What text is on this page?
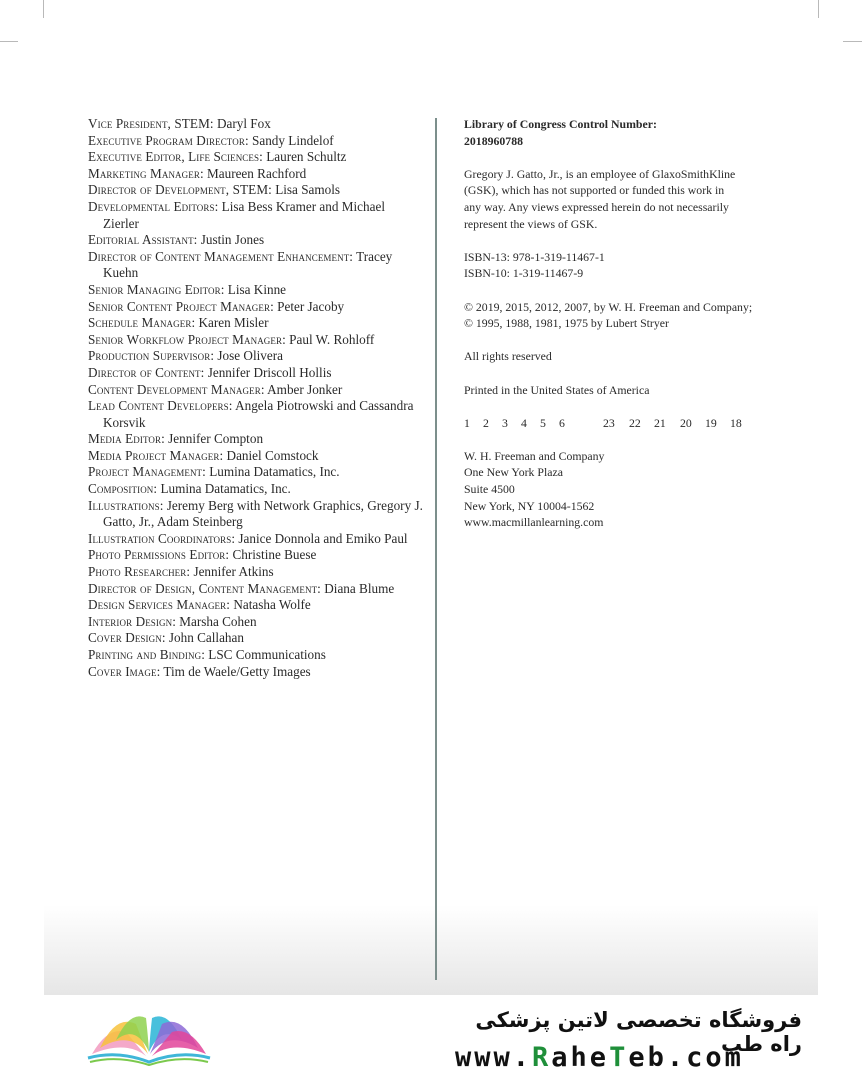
Vice President, STEM: Daryl Fox
Executive Program Director: Sandy Lindelof
Executive Editor, Life Sciences: Lauren Schultz
Marketing Manager: Maureen Rachford
Director of Development, STEM: Lisa Samols
Developmental Editors: Lisa Bess Kramer and Michael Zierler
Editorial Assistant: Justin Jones
Director of Content Management Enhancement: Tracey Kuehn
Senior Managing Editor: Lisa Kinne
Senior Content Project Manager: Peter Jacoby
Schedule Manager: Karen Misler
Senior Workflow Project Manager: Paul W. Rohloff
Production Supervisor: Jose Olivera
Director of Content: Jennifer Driscoll Hollis
Content Development Manager: Amber Jonker
Lead Content Developers: Angela Piotrowski and Cassandra Korsvik
Media Editor: Jennifer Compton
Media Project Manager: Daniel Comstock
Project Management: Lumina Datamatics, Inc.
Composition: Lumina Datamatics, Inc.
Illustrations: Jeremy Berg with Network Graphics, Gregory J. Gatto, Jr., Adam Steinberg
Illustration Coordinators: Janice Donnola and Emiko Paul
Photo Permissions Editor: Christine Buese
Photo Researcher: Jennifer Atkins
Director of Design, Content Management: Diana Blume
Design Services Manager: Natasha Wolfe
Interior Design: Marsha Cohen
Cover Design: John Callahan
Printing and Binding: LSC Communications
Cover Image: Tim de Waele/Getty Images
Library of Congress Control Number:
2018960788
Gregory J. Gatto, Jr., is an employee of GlaxoSmithKline (GSK), which has not supported or funded this work in any way. Any views expressed herein do not necessarily represent the views of GSK.
ISBN-13: 978-1-319-11467-1
ISBN-10: 1-319-11467-9
© 2019, 2015, 2012, 2007, by W. H. Freeman and Company; © 1995, 1988, 1981, 1975 by Lubert Stryer
All rights reserved
Printed in the United States of America
1 2 3 4 5 6	23 22 21 20 19 18
W. H. Freeman and Company
One New York Plaza
Suite 4500
New York, NY 10004-1562
www.macmillanlearning.com
فروشگاه تخصصی لاتین پزشکی راه طب
www.RaheTeb.com
